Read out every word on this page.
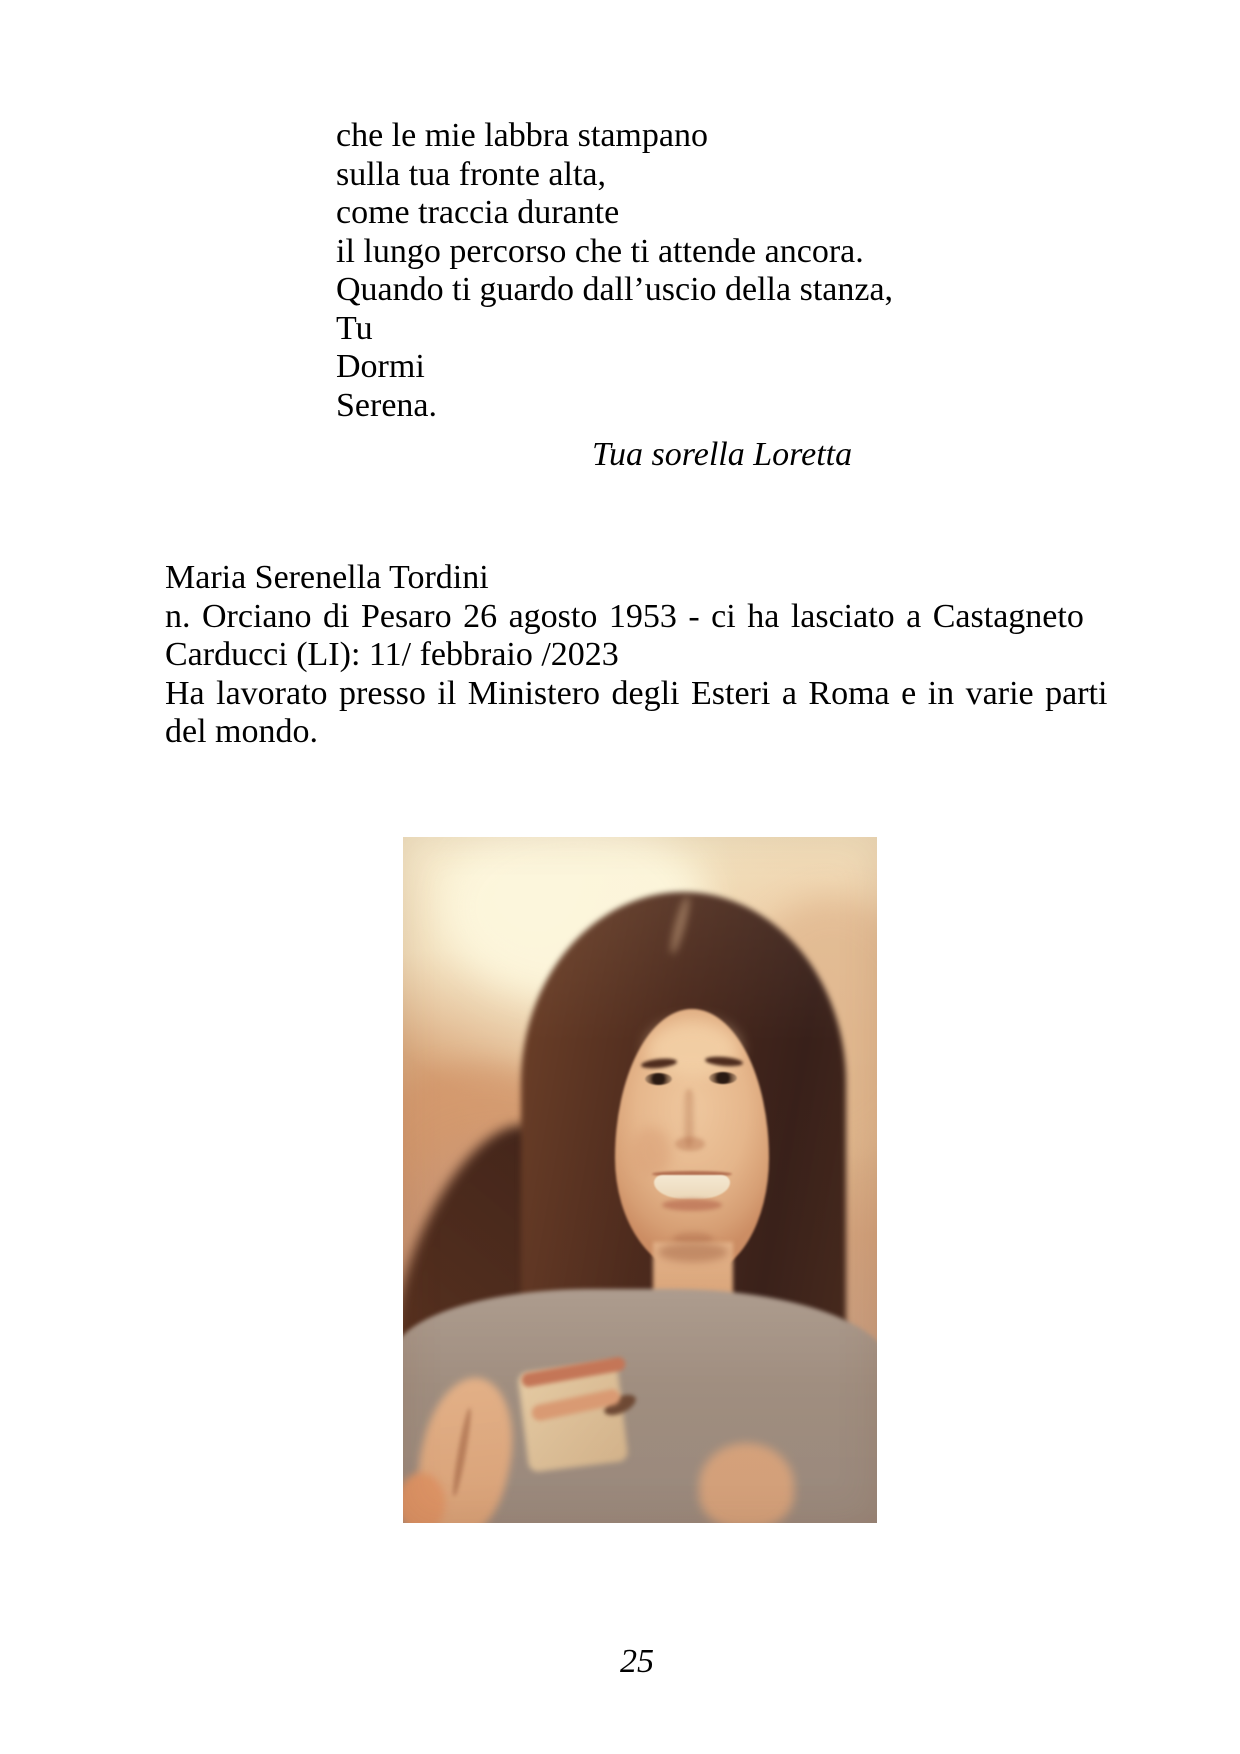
che le mie labbra stampano
sulla tua fronte alta,
come traccia durante
il lungo percorso che ti attende ancora.
Quando ti guardo dall’uscio della stanza,
Tu
Dormi
Serena.
Tua sorella Loretta
Maria Serenella Tordini
n. Orciano di Pesaro 26 agosto 1953 - ci ha lasciato a Castagneto
Carducci (LI): 11/ febbraio /2023
Ha lavorato presso il Ministero degli Esteri a Roma e in varie parti
del mondo.
25
